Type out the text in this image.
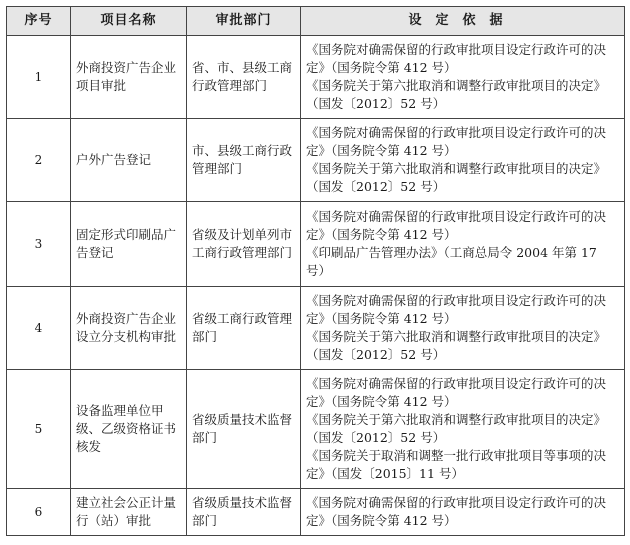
序号	项目名称	审批部门	设定依据
1	外商投资广告企业项目审批	省、市、县级工商行政管理部门	《国务院对确需保留的行政审批项目设定行政许可的决定》（国务院令第 412 号）
《国务院关于第六批取消和调整行政审批项目的决定》（国发〔2012〕52 号）

2	户外广告登记	市、县级工商行政管理部门	《国务院对确需保留的行政审批项目设定行政许可的决定》（国务院令第 412 号）
《国务院关于第六批取消和调整行政审批项目的决定》（国发〔2012〕52 号）

3	固定形式印刷品广告登记	省级及计划单列市工商行政管理部门	《国务院对确需保留的行政审批项目设定行政许可的决定》（国务院令第 412 号）
《印刷品广告管理办法》（工商总局令 2004 年第 17 号）

4	外商投资广告企业设立分支机构审批	省级工商行政管理部门	《国务院对确需保留的行政审批项目设定行政许可的决定》（国务院令第 412 号）
《国务院关于第六批取消和调整行政审批项目的决定》（国发〔2012〕52 号）

5	设备监理单位甲级、乙级资格证书核发	省级质量技术监督部门	《国务院对确需保留的行政审批项目设定行政许可的决定》（国务院令第 412 号）
《国务院关于第六批取消和调整行政审批项目的决定》（国发〔2012〕52 号）
《国务院关于取消和调整一批行政审批项目等事项的决定》（国发〔2015〕11 号）

6	建立社会公正计量行（站）审批	省级质量技术监督部门	《国务院对确需保留的行政审批项目设定行政许可的决定》（国务院令第 412 号）
